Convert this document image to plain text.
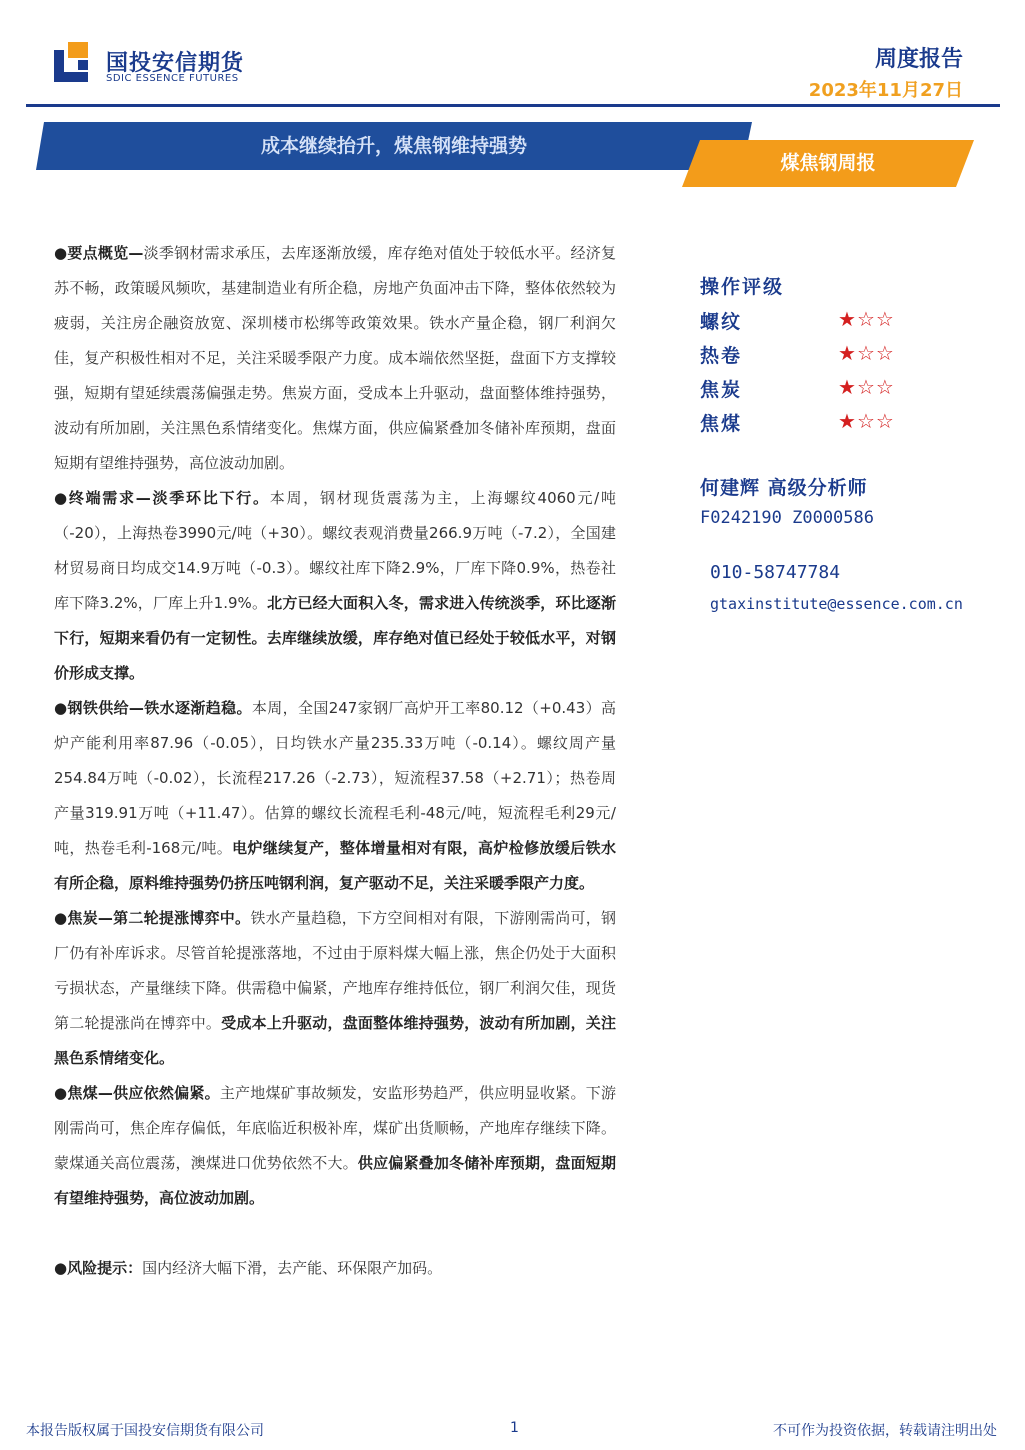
国投安信期货
SDIC ESSENCE FUTURES
周度报告
2023年11月27日
成本继续抬升，煤焦钢维持强势
煤焦钢周报

●要点概览—淡季钢材需求承压，去库逐渐放缓，库存绝对值处于较低水平。经济复苏不畅，政策暖风频吹，基建制造业有所企稳，房地产负面冲击下降，整体依然较为疲弱，关注房企融资放宽、深圳楼市松绑等政策效果。铁水产量企稳，钢厂利润欠佳，复产积极性相对不足，关注采暖季限产力度。成本端依然坚挺，盘面下方支撑较强，短期有望延续震荡偏强走势。焦炭方面，受成本上升驱动，盘面整体维持强势，波动有所加剧，关注黑色系情绪变化。焦煤方面，供应偏紧叠加冬储补库预期，盘面短期有望维持强势，高位波动加剧。

●终端需求—淡季环比下行。本周，钢材现货震荡为主，上海螺纹4060元/吨（-20），上海热卷3990元/吨（+30）。螺纹表观消费量266.9万吨（-7.2），全国建材贸易商日均成交14.9万吨（-0.3）。螺纹社库下降2.9%，厂库下降0.9%，热卷社库下降3.2%，厂库上升1.9%。北方已经大面积入冬，需求进入传统淡季，环比逐渐下行，短期来看仍有一定韧性。去库继续放缓，库存绝对值已经处于较低水平，对钢价形成支撑。

●钢铁供给—铁水逐渐趋稳。本周，全国247家钢厂高炉开工率80.12（+0.43）高炉产能利用率87.96（-0.05），日均铁水产量235.33万吨（-0.14）。螺纹周产量254.84万吨（-0.02），长流程217.26（-2.73），短流程37.58（+2.71）；热卷周产量319.91万吨（+11.47）。估算的螺纹长流程毛利-48元/吨，短流程毛利29元/吨，热卷毛利-168元/吨。电炉继续复产，整体增量相对有限，高炉检修放缓后铁水有所企稳，原料维持强势仍挤压吨钢利润，复产驱动不足，关注采暖季限产力度。

●焦炭—第二轮提涨博弈中。铁水产量趋稳，下方空间相对有限，下游刚需尚可，钢厂仍有补库诉求。尽管首轮提涨落地，不过由于原料煤大幅上涨，焦企仍处于大面积亏损状态，产量继续下降。供需稳中偏紧，产地库存维持低位，钢厂利润欠佳，现货第二轮提涨尚在博弈中。受成本上升驱动，盘面整体维持强势，波动有所加剧，关注黑色系情绪变化。

●焦煤—供应依然偏紧。主产地煤矿事故频发，安监形势趋严，供应明显收紧。下游刚需尚可，焦企库存偏低，年底临近积极补库，煤矿出货顺畅，产地库存继续下降。蒙煤通关高位震荡，澳煤进口优势依然不大。供应偏紧叠加冬储补库预期，盘面短期有望维持强势，高位波动加剧。

●风险提示：国内经济大幅下滑，去产能、环保限产加码。

操作评级
螺纹	★☆☆
热卷	★☆☆
焦炭	★☆☆
焦煤	★☆☆
何建辉 高级分析师
F0242190 Z0000586
010-58747784
gtaxinstitute@essence.com.cn
本报告版权属于国投安信期货有限公司	1	不可作为投资依据，转载请注明出处
